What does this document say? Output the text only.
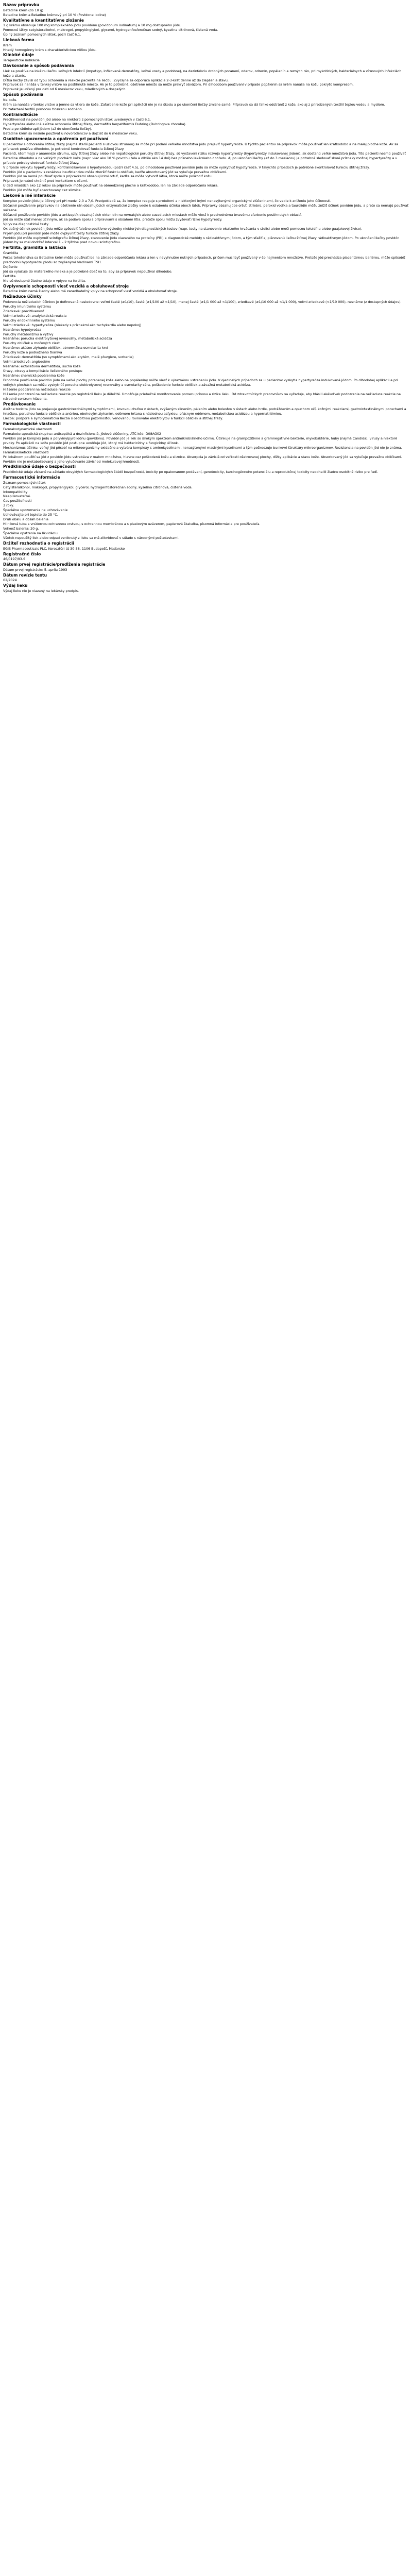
Názov prípravku
Betadine krém (do 10 g)
Betadine krém a Betadine krémový pri 10 % (Povidone iodine)
Kvalitatívne a kvantitatívne zloženie
1 g krému obsahuje 100 mg komplexného jódu povidónu (povidonum iodinatum) a 10 mg dostupného jódu.
Pomocné látky: cetylsteralkohol, makrogol, propylénglykol, glycerol, hydrogenfosforečnan sodný, kyselina citrónová, čistená voda.
Úplný zoznam pomocných látok, pozri časť 6.1.
Lieková forma
Krém
Hnedý homogénny krém s charakteristickou vôňou jódu.
Klinické údaje
Terapeutické indikácie
Dávkovanie a spôsob podávania
Liek sa používa na lokálnu liečbu kožných infekcií (impetigo, infikované dermatózy, kožné vredy a podobne), na dezinfekciu drobných poranení, oderov, odrenín, popálenín a rezných rán, pri mykotických, bakteriálnych a vírusových infekciách kože a slizníc.
Dĺžka liečby závisí od typu ochorenia a reakcie pacienta na liečbu. Zvyčajne sa odporúča aplikácia 2-3-krát denne až do zlepšenia stavu.
Prípravok sa nanáša v tenkej vrstve na postihnuté miesto. Ak je to potrebné, ošetrené miesto sa môže prekryť obväzom. Pri dlhodobom používaní v prípade popálenín sa krém nanáša na kožu pokrytú kompresom.
Prípravok je určený pre deti od 6 mesiacov veku, mladistvých a dospelých.
Spôsob podávania
Na kožu.
Krém sa nanáša v tenkej vrstve a jemne sa vtiera do kože. Zafarbenie kože pri aplikácii nie je na škodu a po ukončení liečby zmizne samé. Prípravok sa dá ľahko odstrániť z kože, ako aj z prirodzených textílií teplou vodou a mydlom.
Pri zafarbení textílií pomocou tiosíranu sodného.
Kontraindikácie
Precitlivenosť na povidón jód alebo na niektorú z pomocných látok uvedených v časti 6.1.
Hypertyreóza alebo iné akútne ochorenia štítnej žľazy, dermatitis herpetiformis Duhring (Duhringova choroba).
Pred a po rádioterapii jódom (až do ukončenia liečby).
Betadine krém sa nesmie používať u novorodencov a dojčiat do 6 mesiacov veku.
Osobitné upozornenia a opatrenia pri používaní
U pacientov s ochorením štítnej žľazy (najmä starší pacienti s uzlovou strumou) sa môže pri podaní veľkého množstva jódu prejaviť hypertyreóza. U týchto pacientov sa prípravok môže používať len krátkodobo a na malej ploche kože. Ak sa prípravok používa dlhodobo, je potrebné kontrolovať funkciu štítnej žľazy.
Pacienti, ktorí majú v anamnéze strumu, uzly štítnej žľazy alebo iné nepatologické poruchy štítnej žľazy, sú vystavení riziku rozvoja hypertyreózy (hypertyreózy indukovanej jódom), ak dostanú veľké množstvá jódu. Títo pacienti nesmú používať Betadine dlhodobo a na veľkých plochách kože (napr. viac ako 10 % povrchu tela a dlhšie ako 14 dní) bez prísneho lekárskeho dohľadu. Aj po ukončení liečby (až do 3 mesiacov) je potrebné sledovať skoré príznaky možnej hypertyreózy a v prípade potreby sledovať funkciu štítnej žľazy.
V prípade výskytu hypertyreózy, kontraindikované s hypotyreózou (pozri časť 4.5), po dlhodobom používaní povidón jódu sa môže vyskytnúť hypotyreóza. V takýchto prípadoch je potrebné skontrolovať funkciu štítnej žľazy.
Povidón jód u pacientov s renálnou insuficienciou môže zhoršiť funkciu obličiek, keďže absorbovaný jód sa vylučuje prevažne obličkami.
Povidón jód sa nemá používať spolu s prípravkami obsahujúcimi ortuť, keďže sa môže vytvoriť látka, ktorá môže poškodiť kožu.
Prípravok je nutné chrániť pred kontaktom s očami.
U detí mladších ako 12 rokov sa prípravok môže používať na obmedzenej ploche a krátkodobo, len na základe odporúčania lekára.
Povidón jód môže byť absorbovaný cez sliznice.
Liekové a iné interakcie
Komplex povidón jódu je účinný pri pH medzi 2,0 a 7,0. Predpokladá sa, že komplex reaguje s proteínmi a niektorými inými nenasýtenými organickými zlúčeninami, čo vedie k zníženiu jeho účinnosti.
Súčasné používanie prípravkov na ošetrenie rán obsahujúcich enzymatické zložky vedie k oslabeniu účinku oboch látok. Prípravky obsahujúce ortuť, striebro, peroxid vodíka a taurolidín môžu znížiť účinok povidón jódu, a preto sa nemajú používať súčasne.
Súčasné používanie povidón jódu a antiseptík obsahujúcich oktenidín na rovnakých alebo susediacich miestach môže viesť k prechodnému tmavému sfarbeniu postihnutých oblastí.
Jód sa môže stať menej účinným, ak sa podáva spolu s prípravkami s obsahom lítia, pretože spolu môžu zvyšovať riziko hypotyreózy.
Vplyv na diagnostické testy
Oxidačný účinok povidón jódu môže spôsobiť falošne pozitívne výsledky niektorých diagnostických testov (napr. testy na stanovenie okultného krvácania v stolici alebo moči pomocou toluidínu alebo guajakovej živice).
Príjem jódu pri povidón jóde môže ovplyvniť testy funkcie štítnej žľazy.
Povidón jód môže ovplyvniť scintigrafiu štítnej žľazy, stanovenie jódu viazaného na proteíny (PBI) a diagnostické metódy s rádioaktívnym jódom, a tým sťažiť aj plánovanú liečbu štítnej žľazy rádioaktívnym jódom. Po ukončení liečby povidón jódom by sa mal dodržať interval 1 – 2 týždne pred novou scintigrafiou.
Fertilita, gravidita a laktácia
Gravidita
Počas tehotenstva sa Betadine krém môže používať iba na základe odporúčania lekára a len v nevyhnutne nutných prípadoch, pričom musí byť používaný v čo najmenšom množstve. Pretože jód prechádza placentárnou bariérou, môže spôsobiť prechodnú hypotyreózu plodu so zvýšenými hladinami TSH.
Dojčenie
Jód sa vylučuje do materského mlieka a je potrebné dbať na to, aby sa prípravok nepoužíval dlhodobo.
Fertilita
Nie sú dostupné žiadne údaje o vplyve na fertilitu.
Ovplyvnenie schopnosti viesť vozidlá a obsluhovať stroje
Betadine krém nemá žiadny alebo má zanedbateľný vplyv na schopnosť viesť vozidlá a obsluhovať stroje.
Nežiaduce účinky
Frekvencia nežiaducich účinkov je definovaná nasledovne: veľmi časté (≥1/10), časté (≥1/100 až <1/10), menej časté (≥1/1 000 až <1/100), zriedkavé (≥1/10 000 až <1/1 000), veľmi zriedkavé (<1/10 000), neznáme (z dostupných údajov).
Poruchy imunitného systému
Zriedkavé: precitlivenosť
Veľmi zriedkavé: anafylaktická reakcia
Poruchy endokrinného systému
Veľmi zriedkavé: hypertyreóza (niekedy s príznakmi ako tachykardia alebo nepokoj)
Neznáme: hypotyreóza
Poruchy metabolizmu a výživy
Neznáme: porucha elektrolytovej rovnováhy, metabolická acidóza
Poruchy obličiek a močových ciest
Neznáme: akútne zlyhanie obličiek, abnormálna osmolarita krvi
Poruchy kože a podkožného tkaniva
Zriedkavé: dermatitída (so symptómami ako erytém, malé pľuzgiere, svrbenie)
Veľmi zriedkavé: angioedém
Neznáme: exfoliatívna dermatitída, suchá koža
Úrazy, otravy a komplikácie liečebného postupu
Neznáme: chemická popálenina kože
Dlhodobé používanie povidón jódu na veľké plochy poranenej kože alebo na popáleniny môže viesť k výraznému vstrebaniu jódu. V ojedinelých prípadoch sa u pacientov vyskytla hypertyreóza indukovaná jódom. Po dlhodobej aplikácii a pri veľkých plochách sa môžu vyskytnúť porucha elektrolytovej rovnováhy a osmolarity séra, poškodenie funkcie obličiek a závažná metabolická acidóza.
Hlásenie podozrení na nežiaduce reakcie
Hlásenie podozrení na nežiaduce reakcie po registrácii lieku je dôležité. Umožňuje priebežné monitorovanie pomeru prínosu a rizika lieku. Od zdravotníckych pracovníkov sa vyžaduje, aby hlásili akékoľvek podozrenia na nežiaduce reakcie na národné centrum hlásenia.
Predávkovanie
Akútna toxicita jódu sa prejavuje gastrointestinálnymi symptómami, kovovou chuťou v ústach, zvýšeným slinením, pálením alebo bolesťou v ústach alebo hrdle, podráždením a opuchom očí, kožnými reakciami, gastrointestinálnymi poruchami a hnačkou, poruchou funkcie obličiek a anúriou, obehovým zlyhaním, edémom hrtana s následnou asfyxiou, pľúcnym edémom, metabolickou acidózou a hypernatriémiou.
Liečba: podpora a symptomatická liečba s osobitnou pozornosťou venovanou rovnováhe elektrolytov a funkcii obličiek a štítnej žľazy.
Farmakologické vlastnosti
Farmakodynamické vlastnosti
Farmakoterapeutická skupina: antiseptiká a dezinficienciá, jódové zlúčeniny, ATC kód: D08AG02
Povidón jód je komplex jódu a polyvinylpyrolidónu (povidónu). Povidón jód je liek so širokým spektrom antimikrobiálneho účinku. Účinkuje na grampozitívne a gramnegatívne baktérie, mykobaktérie, huby (najmä Candida), vírusy a niektoré prvoky. Po aplikácii na kožu povidón jód postupne uvoľňuje jód, ktorý má baktericídny a fungicídny účinok.
Mechanizmus účinku: voľný jód pôsobí na mikroorganizmy oxidačne a vytvára komplexy s aminokyselinami, nenasýtenými mastnými kyselinami a tým poškodzuje bunkové štruktúry mikroorganizmov. Rezistencia na povidón jód nie je známa.
Farmakokinetické vlastnosti
Pri lokálnom použití sa jód z povidón jódu vstrebáva v malom množstve, hlavne cez poškodenú kožu a sliznice. Absorpcia je závislá od veľkosti ošetrovanej plochy, dĺžky aplikácie a stavu kože. Absorbovaný jód sa vylučuje prevažne obličkami. Povidón nie je metabolizovaný a jeho vylučovanie závisí od molekulovej hmotnosti.
Predklinické údaje o bezpečnosti
Predklinické údaje získané na základe obvyklých farmakologických štúdií bezpečnosti, toxicity po opakovanom podávaní, genotoxicity, karcinogénneho potenciálu a reprodukčnej toxicity neodhalili žiadne osobitné riziko pre ľudí.
Farmaceutické informácie
Zoznam pomocných látok
Cetylsteralkohol, makrogol, propylénglykol, glycerol, hydrogenfosforečnan sodný, kyselina citrónová, čistená voda.
Inkompatibility
Neaplikovateľné.
Čas použiteľnosti
3 roky.
Špeciálne upozornenia na uchovávanie
Uchovávajte pri teplote do 25 °C.
Druh obalu a obsah balenia
Hliníková tuba s vnútornou ochrannou vrstvou, s ochrannou membránou a s plastovým uzáverom, papierová škatuľka, písomná informácia pre používateľa.
Veľkosť balenia: 20 g.
Špeciálne opatrenia na likvidáciu
Všetok nepoužitý liek alebo odpad vzniknutý z lieku sa má zlikvidovať v súlade s národnými požiadavkami.
Držiteľ rozhodnutia o registrácii
EGIS Pharmaceuticals PLC, Keresztúri út 30-38, 1106 Budapešť, Maďarsko
Registračné číslo
46/0197/93-S
Dátum prvej registrácie/predĺženia registrácie
Dátum prvej registrácie: 5. apríla 1993
Dátum revízie textu
02/2024
Výdaj lieku
Výdaj lieku nie je viazaný na lekársky predpis.
